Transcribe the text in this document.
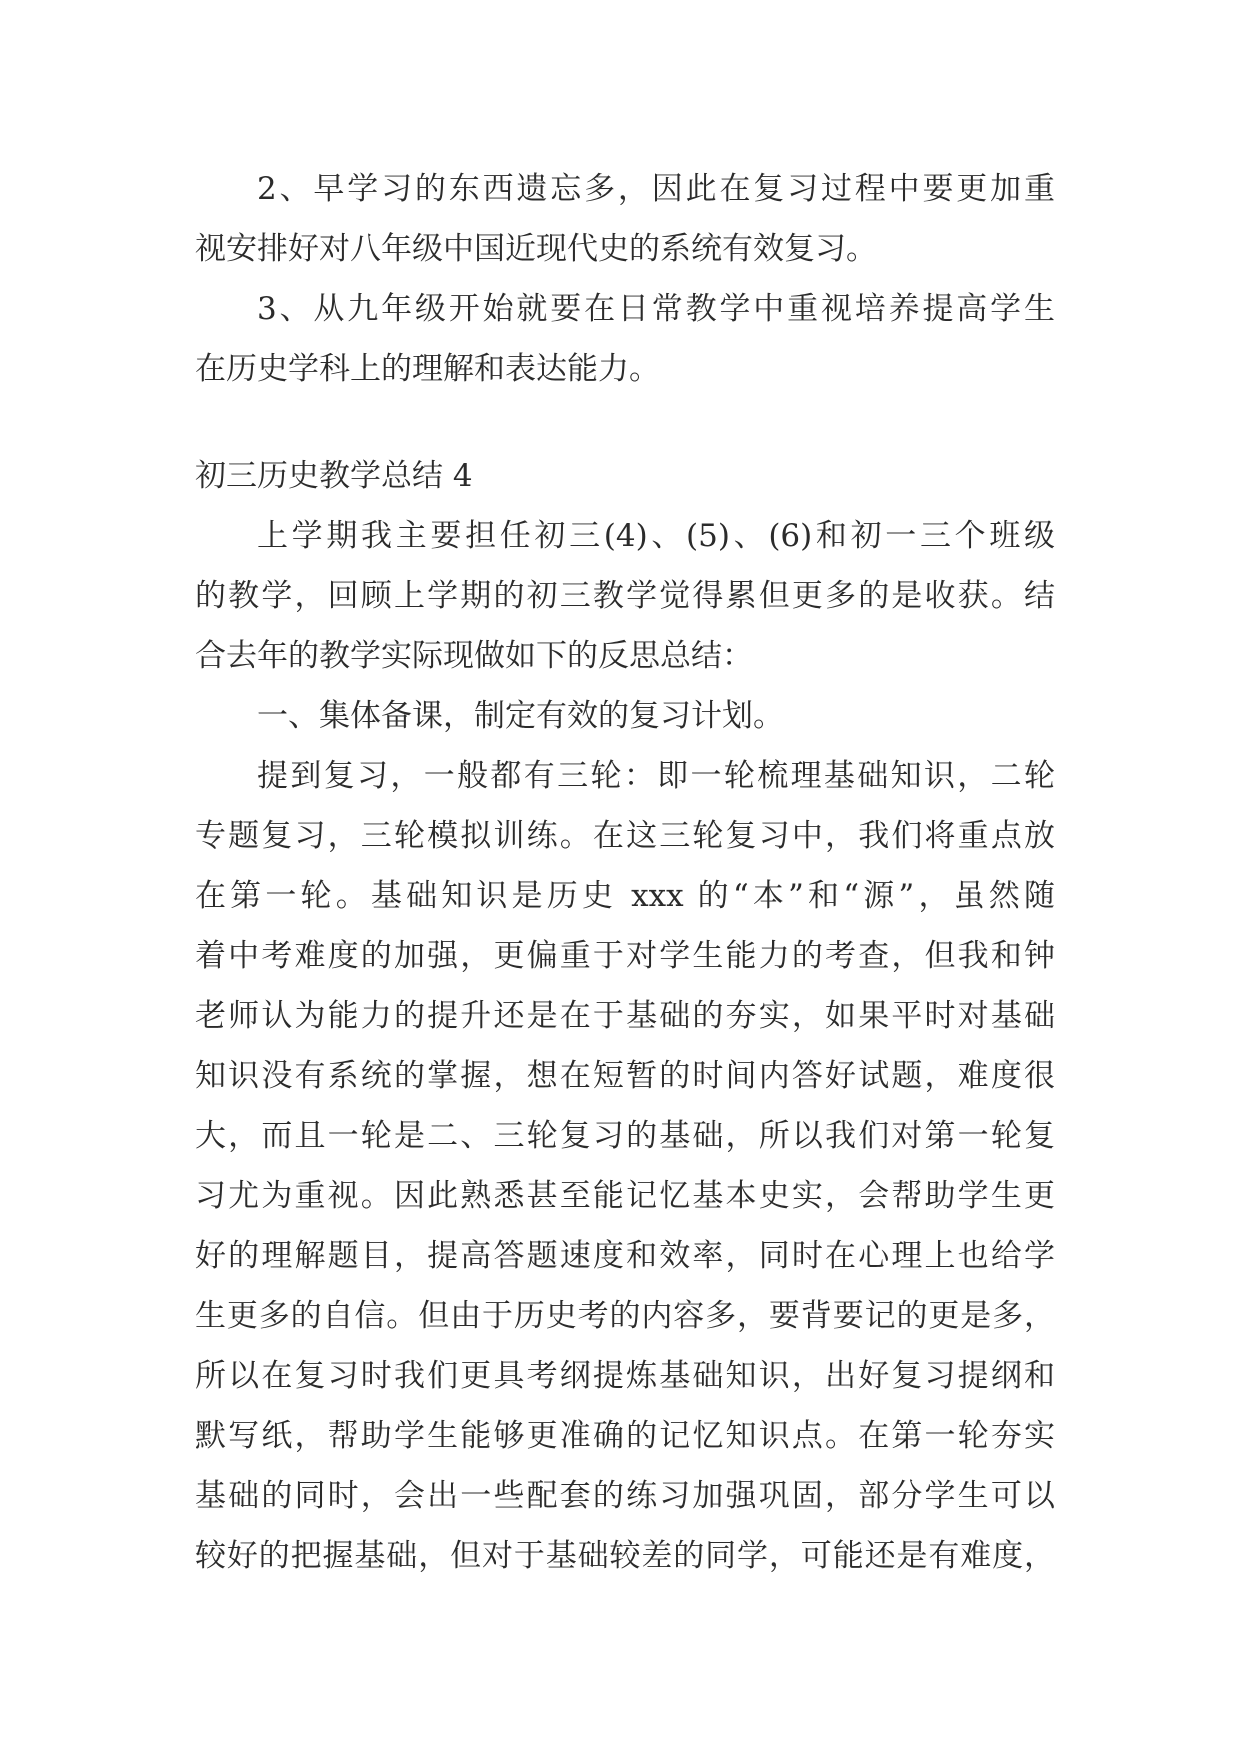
2、早学习的东西遗忘多，因此在复习过程中要更加重
视安排好对八年级中国近现代史的系统有效复习。
3、从九年级开始就要在日常教学中重视培养提高学生
在历史学科上的理解和表达能力。
初三历史教学总结 4
上学期我主要担任初三(4)、(5)、(6)和初一三个班级
的教学，回顾上学期的初三教学觉得累但更多的是收获。结
合去年的教学实际现做如下的反思总结：
一、集体备课，制定有效的复习计划。
提到复习，一般都有三轮：即一轮梳理基础知识，二轮
专题复习，三轮模拟训练。在这三轮复习中，我们将重点放
在第一轮。基础知识是历史 xxx 的“本”和“源”，虽然随
着中考难度的加强，更偏重于对学生能力的考查，但我和钟
老师认为能力的提升还是在于基础的夯实，如果平时对基础
知识没有系统的掌握，想在短暂的时间内答好试题，难度很
大，而且一轮是二、三轮复习的基础，所以我们对第一轮复
习尤为重视。因此熟悉甚至能记忆基本史实，会帮助学生更
好的理解题目，提高答题速度和效率，同时在心理上也给学
生更多的自信。但由于历史考的内容多，要背要记的更是多，
所以在复习时我们更具考纲提炼基础知识，出好复习提纲和
默写纸，帮助学生能够更准确的记忆知识点。在第一轮夯实
基础的同时，会出一些配套的练习加强巩固，部分学生可以
较好的把握基础，但对于基础较差的同学，可能还是有难度，
